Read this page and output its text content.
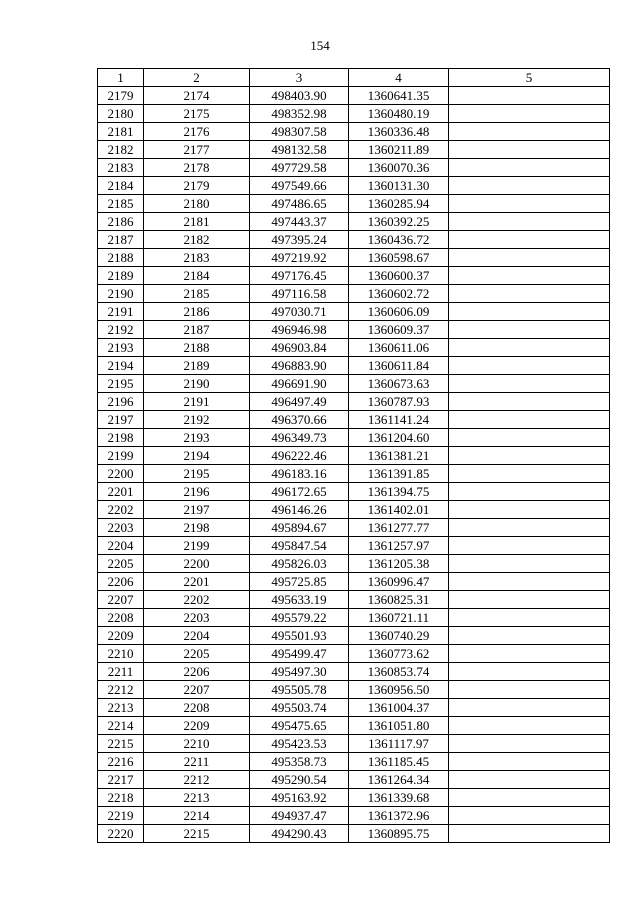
154
1	2	3	4	5
2179	2174	498403.90	1360641.35	
2180	2175	498352.98	1360480.19	
2181	2176	498307.58	1360336.48	
2182	2177	498132.58	1360211.89	
2183	2178	497729.58	1360070.36	
2184	2179	497549.66	1360131.30	
2185	2180	497486.65	1360285.94	
2186	2181	497443.37	1360392.25	
2187	2182	497395.24	1360436.72	
2188	2183	497219.92	1360598.67	
2189	2184	497176.45	1360600.37	
2190	2185	497116.58	1360602.72	
2191	2186	497030.71	1360606.09	
2192	2187	496946.98	1360609.37	
2193	2188	496903.84	1360611.06	
2194	2189	496883.90	1360611.84	
2195	2190	496691.90	1360673.63	
2196	2191	496497.49	1360787.93	
2197	2192	496370.66	1361141.24	
2198	2193	496349.73	1361204.60	
2199	2194	496222.46	1361381.21	
2200	2195	496183.16	1361391.85	
2201	2196	496172.65	1361394.75	
2202	2197	496146.26	1361402.01	
2203	2198	495894.67	1361277.77	
2204	2199	495847.54	1361257.97	
2205	2200	495826.03	1361205.38	
2206	2201	495725.85	1360996.47	
2207	2202	495633.19	1360825.31	
2208	2203	495579.22	1360721.11	
2209	2204	495501.93	1360740.29	
2210	2205	495499.47	1360773.62	
2211	2206	495497.30	1360853.74	
2212	2207	495505.78	1360956.50	
2213	2208	495503.74	1361004.37	
2214	2209	495475.65	1361051.80	
2215	2210	495423.53	1361117.97	
2216	2211	495358.73	1361185.45	
2217	2212	495290.54	1361264.34	
2218	2213	495163.92	1361339.68	
2219	2214	494937.47	1361372.96	
2220	2215	494290.43	1360895.75	
